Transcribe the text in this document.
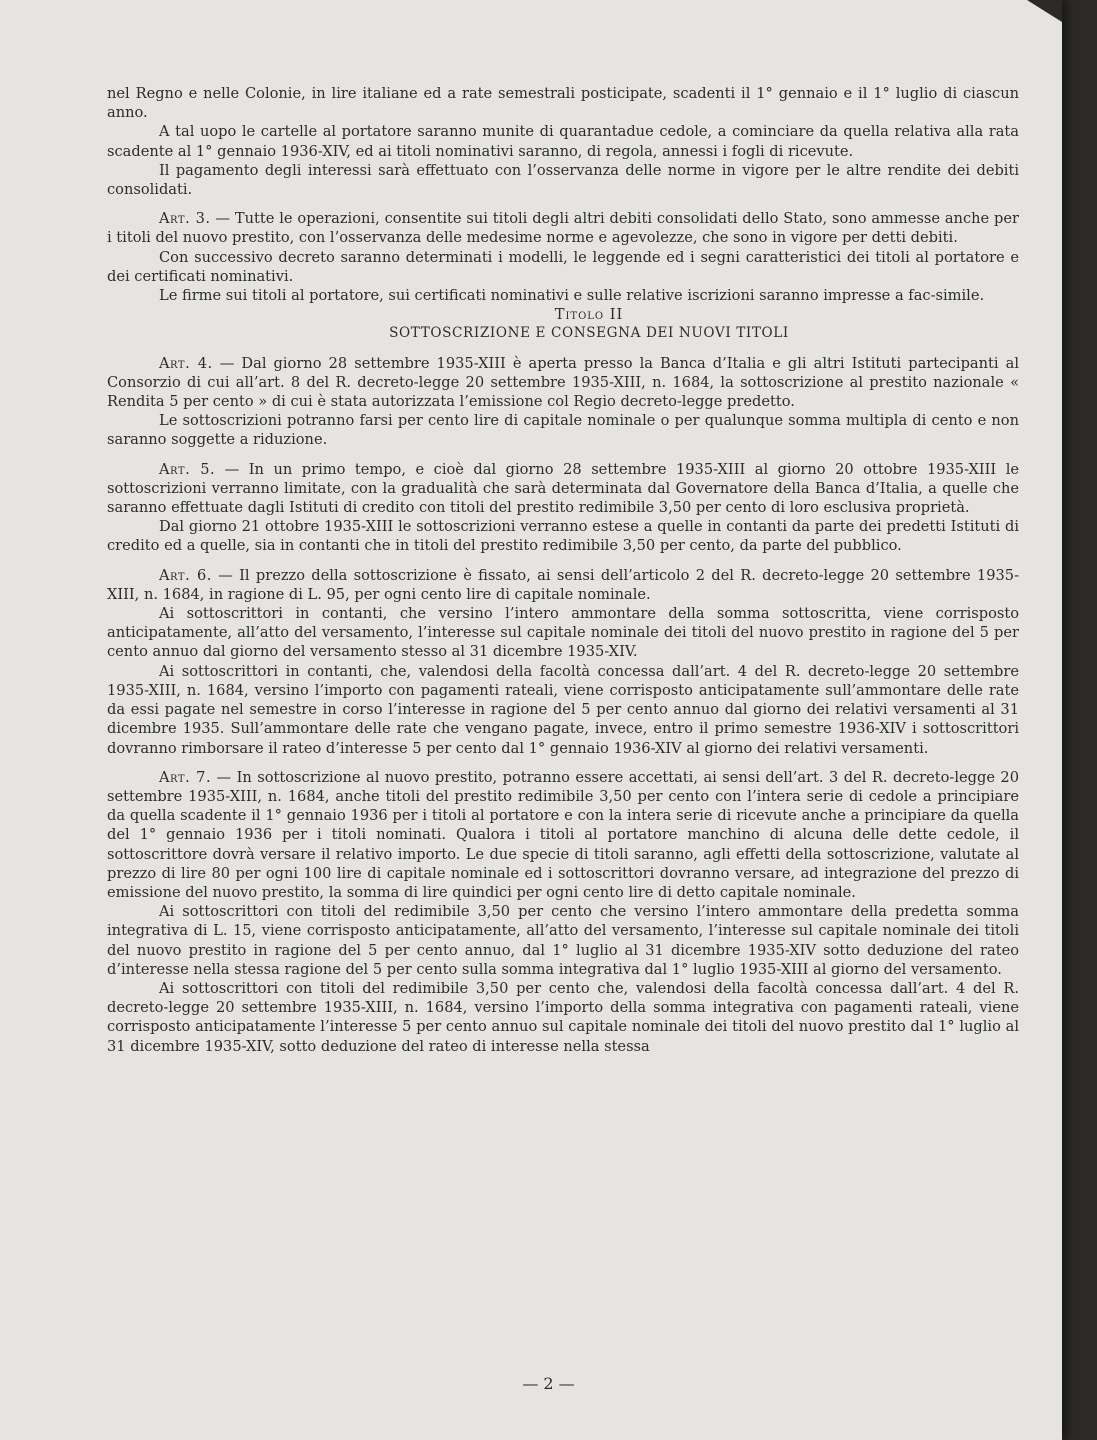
nel Regno e nelle Colonie, in lire italiane ed a rate semestrali posticipate, scadenti il 1° gennaio e il 1° luglio di ciascun anno.

A tal uopo le cartelle al portatore saranno munite di quarantadue cedole, a cominciare da quella relativa alla rata scadente al 1° gennaio 1936-XIV, ed ai titoli nominativi saranno, di regola, annessi i fogli di ricevute.

Il pagamento degli interessi sarà effettuato con l’osservanza delle norme in vigore per le altre rendite dei debiti consolidati.

Art. 3. — Tutte le operazioni, consentite sui titoli degli altri debiti consolidati dello Stato, sono ammesse anche per i titoli del nuovo prestito, con l’osservanza delle medesime norme e agevolezze, che sono in vigore per detti debiti.

Con successivo decreto saranno determinati i modelli, le leggende ed i segni caratteristici dei titoli al portatore e dei certificati nominativi.

Le firme sui titoli al portatore, sui certificati nominativi e sulle relative iscrizioni saranno impresse a fac-simile.

Titolo II

SOTTOSCRIZIONE E CONSEGNA DEI NUOVI TITOLI

Art. 4. — Dal giorno 28 settembre 1935-XIII è aperta presso la Banca d’Italia e gli altri Istituti partecipanti al Consorzio di cui all’art. 8 del R. decreto-legge 20 settembre 1935-XIII, n. 1684, la sottoscrizione al prestito nazionale « Rendita 5 per cento » di cui è stata autorizzata l’emissione col Regio decreto-legge predetto.

Le sottoscrizioni potranno farsi per cento lire di capitale nominale o per qualunque somma multipla di cento e non saranno soggette a riduzione.

Art. 5. — In un primo tempo, e cioè dal giorno 28 settembre 1935-XIII al giorno 20 ottobre 1935-XIII le sottoscrizioni verranno limitate, con la gradualità che sarà determinata dal Governatore della Banca d’Italia, a quelle che saranno effettuate dagli Istituti di credito con titoli del prestito redimibile 3,50 per cento di loro esclusiva proprietà.

Dal giorno 21 ottobre 1935-XIII le sottoscrizioni verranno estese a quelle in contanti da parte dei predetti Istituti di credito ed a quelle, sia in contanti che in titoli del prestito redimibile 3,50 per cento, da parte del pubblico.

Art. 6. — Il prezzo della sottoscrizione è fissato, ai sensi dell’articolo 2 del R. decreto-legge 20 settembre 1935-XIII, n. 1684, in ragione di L. 95, per ogni cento lire di capitale nominale.

Ai sottoscrittori in contanti, che versino l’intero ammontare della somma sottoscritta, viene corrisposto anticipatamente, all’atto del versamento, l’interesse sul capitale nominale dei titoli del nuovo prestito in ragione del 5 per cento annuo dal giorno del versamento stesso al 31 dicembre 1935-XIV.

Ai sottoscrittori in contanti, che, valendosi della facoltà concessa dall’art. 4 del R. decreto-legge 20 settembre 1935-XIII, n. 1684, versino l’importo con pagamenti rateali, viene corrisposto anticipatamente sull’ammontare delle rate da essi pagate nel semestre in corso l’interesse in ragione del 5 per cento annuo dal giorno dei relativi versamenti al 31 dicembre 1935. Sull’ammontare delle rate che vengano pagate, invece, entro il primo semestre 1936-XIV i sottoscrittori dovranno rimborsare il rateo d’interesse 5 per cento dal 1° gennaio 1936-XIV al giorno dei relativi versamenti.

Art. 7. — In sottoscrizione al nuovo prestito, potranno essere accettati, ai sensi dell’art. 3 del R. decreto-legge 20 settembre 1935-XIII, n. 1684, anche titoli del prestito redimibile 3,50 per cento con l’intera serie di cedole a principiare da quella scadente il 1° gennaio 1936 per i titoli al portatore e con la intera serie di ricevute anche a principiare da quella del 1° gennaio 1936 per i titoli nominati. Qualora i titoli al portatore manchino di alcuna delle dette cedole, il sottoscrittore dovrà versare il relativo importo. Le due specie di titoli saranno, agli effetti della sottoscrizione, valutate al prezzo di lire 80 per ogni 100 lire di capitale nominale ed i sottoscrittori dovranno versare, ad integrazione del prezzo di emissione del nuovo prestito, la somma di lire quindici per ogni cento lire di detto capitale nominale.

Ai sottoscrittori con titoli del redimibile 3,50 per cento che versino l’intero ammontare della predetta somma integrativa di L. 15, viene corrisposto anticipatamente, all’atto del versamento, l’interesse sul capitale nominale dei titoli del nuovo prestito in ragione del 5 per cento annuo, dal 1° luglio al 31 dicembre 1935-XIV sotto deduzione del rateo d’interesse nella stessa ragione del 5 per cento sulla somma integrativa dal 1° luglio 1935-XIII al giorno del versamento.

Ai sottoscrittori con titoli del redimibile 3,50 per cento che, valendosi della facoltà concessa dall’art. 4 del R. decreto-legge 20 settembre 1935-XIII, n. 1684, versino l’importo della somma integrativa con pagamenti rateali, viene corrisposto anticipatamente l’interesse 5 per cento annuo sul capitale nominale dei titoli del nuovo prestito dal 1° luglio al 31 dicembre 1935-XIV, sotto deduzione del rateo di interesse nella stessa

— 2 —
